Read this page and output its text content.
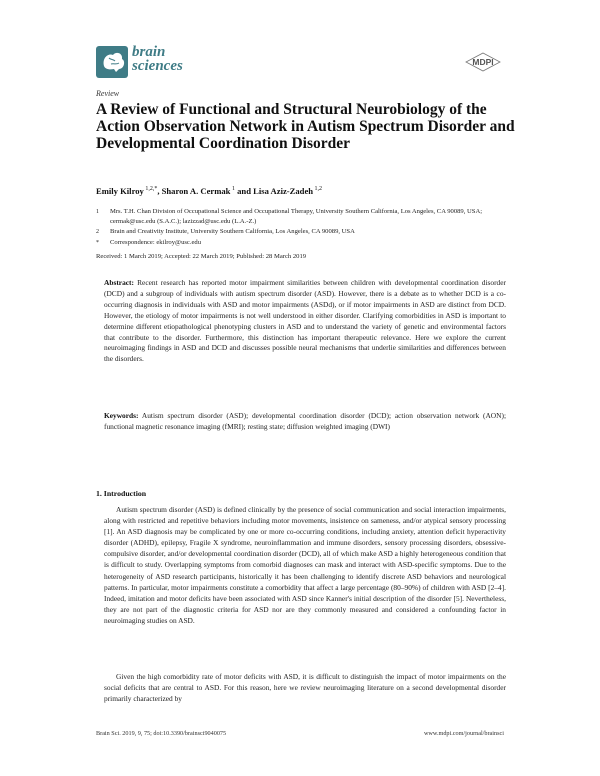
brain
sciences	MDPI
Review
A Review of Functional and Structural Neurobiology of the Action Observation Network in Autism Spectrum Disorder and Developmental Coordination Disorder
Emily Kilroy $^{1,2,*}$, Sharon A. Cermak $^1$ and Lisa Aziz-Zadeh $^{1,2}$
1	Mrs. T.H. Chan Division of Occupational Science and Occupational Therapy, University Southern California, Los Angeles, CA 90089, USA; cermak@usc.edu (S.A.C.); lazizzad@usc.edu (L.A.-Z.)
2	Brain and Creativity Institute, University Southern California, Los Angeles, CA 90089, USA
*	Correspondence: ekilroy@usc.edu
Received: 1 March 2019; Accepted: 22 March 2019; Published: 28 March 2019
Abstract: Recent research has reported motor impairment similarities between children with developmental coordination disorder (DCD) and a subgroup of individuals with autism spectrum disorder (ASD). However, there is a debate as to whether DCD is a co-occurring diagnosis in individuals with ASD and motor impairments (ASDd), or if motor impairments in ASD are distinct from DCD. However, the etiology of motor impairments is not well understood in either disorder. Clarifying comorbidities in ASD is important to determine different etiopathological phenotyping clusters in ASD and to understand the variety of genetic and environmental factors that contribute to the disorder. Furthermore, this distinction has important therapeutic relevance. Here we explore the current neuroimaging findings in ASD and DCD and discusses possible neural mechanisms that underlie similarities and differences between the disorders.
Keywords: Autism spectrum disorder (ASD); developmental coordination disorder (DCD); action observation network (AON); functional magnetic resonance imaging (fMRI); resting state; diffusion weighted imaging (DWI)
1. Introduction
Autism spectrum disorder (ASD) is defined clinically by the presence of social communication and social interaction impairments, along with restricted and repetitive behaviors including motor movements, insistence on sameness, and/or atypical sensory processing [1]. An ASD diagnosis may be complicated by one or more co-occurring conditions, including anxiety, attention deficit hyperactivity disorder (ADHD), epilepsy, Fragile X syndrome, neuroinflammation and immune disorders, sensory processing disorders, obsessive-compulsive disorder, and/or developmental coordination disorder (DCD), all of which make ASD a highly heterogeneous condition that is difficult to study. Overlapping symptoms from comorbid diagnoses can mask and interact with ASD-specific symptoms. Due to the heterogeneity of ASD research participants, historically it has been challenging to identify discrete ASD behaviors and neurological patterns. In particular, motor impairments constitute a comorbidity that affect a large percentage (80–90%) of children with ASD [2–4]. Indeed, imitation and motor deficits have been associated with ASD since Kanner's initial description of the disorder [5]. Nevertheless, they are not part of the diagnostic criteria for ASD nor are they commonly measured and considered a confounding factor in neuroimaging studies on ASD.
Given the high comorbidity rate of motor deficits with ASD, it is difficult to distinguish the impact of motor impairments on the social deficits that are central to ASD. For this reason, here we review neuroimaging literature on a second developmental disorder primarily characterized by
Brain Sci. 2019, 9, 75; doi:10.3390/brainsci9040075	www.mdpi.com/journal/brainsci
